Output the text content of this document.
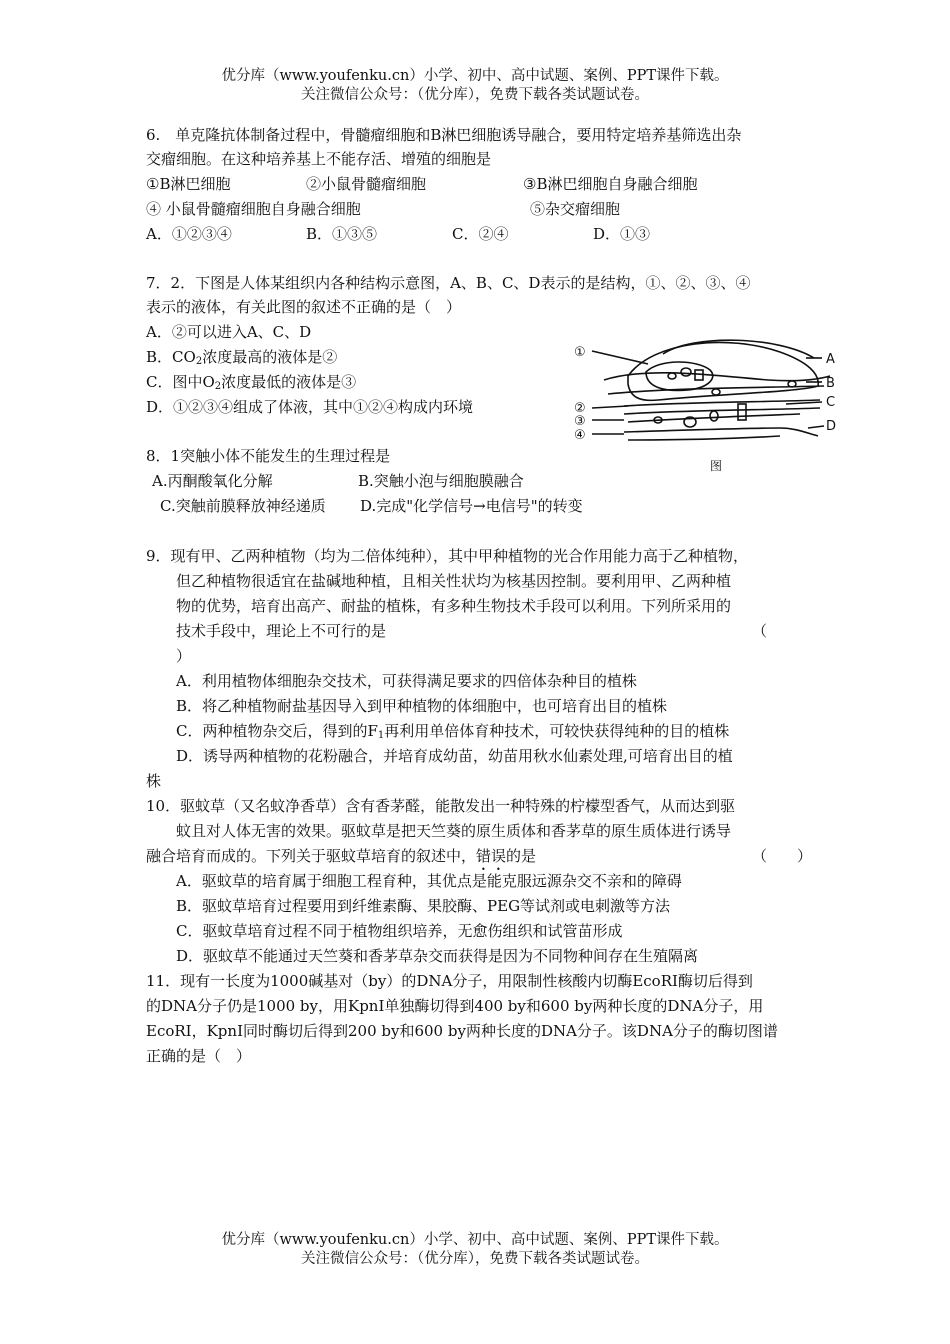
优分库（www.youfenku.cn）小学、初中、高中试题、案例、PPT课件下载。
关注微信公众号：（优分库），免费下载各类试题试卷。
6.　单克隆抗体制备过程中，骨髓瘤细胞和B淋巴细胞诱导融合，要用特定培养基筛选出杂
交瘤细胞。在这种培养基上不能存活、增殖的细胞是
①B淋巴细胞	②小鼠骨髓瘤细胞	③B淋巴细胞自身融合细胞
④ 小鼠骨髓瘤细胞自身融合细胞	⑤杂交瘤细胞
A．①②③④	B．①③⑤	C．②④	D．①③
7．2．下图是人体某组织内各种结构示意图，A、B、C、D表示的是结构，①、②、③、④
表示的液体，有关此图的叙述不正确的是（　）
A．②可以进入A、C、D
B．$CO_2$浓度最高的液体是②
C．图中$O_2$浓度最低的液体是③
D．①②③④组成了体液，其中①②④构成内环境
①
②
③
④
A
B
C
D
图
8．1突触小体不能发生的生理过程是
A.丙酮酸氧化分解	B.突触小泡与细胞膜融合
C.突触前膜释放神经递质 D.完成"化学信号→电信号"的转变
9．现有甲、乙两种植物（均为二倍体纯种），其中甲种植物的光合作用能力高于乙种植物，
但乙种植物很适宜在盐碱地种植，且相关性状均为核基因控制。要利用甲、乙两种植
物的优势，培育出高产、耐盐的植株，有多种生物技术手段可以利用。下列所采用的
技术手段中，理论上不可行的是	（
）
A．利用植物体细胞杂交技术，可获得满足要求的四倍体杂种目的植株
B．将乙种植物耐盐基因导入到甲种植物的体细胞中，也可培育出目的植株
C．两种植物杂交后，得到的$F_1$再利用单倍体育种技术，可较快获得纯种的目的植株
D．诱导两种植物的花粉融合，并培育成幼苗，幼苗用秋水仙素处理,可培育出目的植
株
10．驱蚊草（又名蚊净香草）含有香茅醛，能散发出一种特殊的柠檬型香气，从而达到驱
蚊且对人体无害的效果。驱蚊草是把天竺葵的原生质体和香茅草的原生质体进行诱导
融合培育而成的。下列关于驱蚊草培育的叙述中，错误的是	（　　）
A．驱蚊草的培育属于细胞工程育种，其优点是能克服远源杂交不亲和的障碍
B．驱蚊草培育过程要用到纤维素酶、果胶酶、PEG等试剂或电刺激等方法
C．驱蚊草培育过程不同于植物组织培养，无愈伤组织和试管苗形成
D．驱蚊草不能通过天竺葵和香茅草杂交而获得是因为不同物种间存在生殖隔离
11．现有一长度为1000碱基对（by）的DNA分子，用限制性核酸内切酶EcoRI酶切后得到
的DNA分子仍是1000 by，用KpnI单独酶切得到400 by和600 by两种长度的DNA分子，用
EcoRI，KpnI同时酶切后得到200 by和600 by两种长度的DNA分子。该DNA分子的酶切图谱
正确的是（　）
优分库（www.youfenku.cn）小学、初中、高中试题、案例、PPT课件下载。
关注微信公众号：（优分库），免费下载各类试题试卷。
